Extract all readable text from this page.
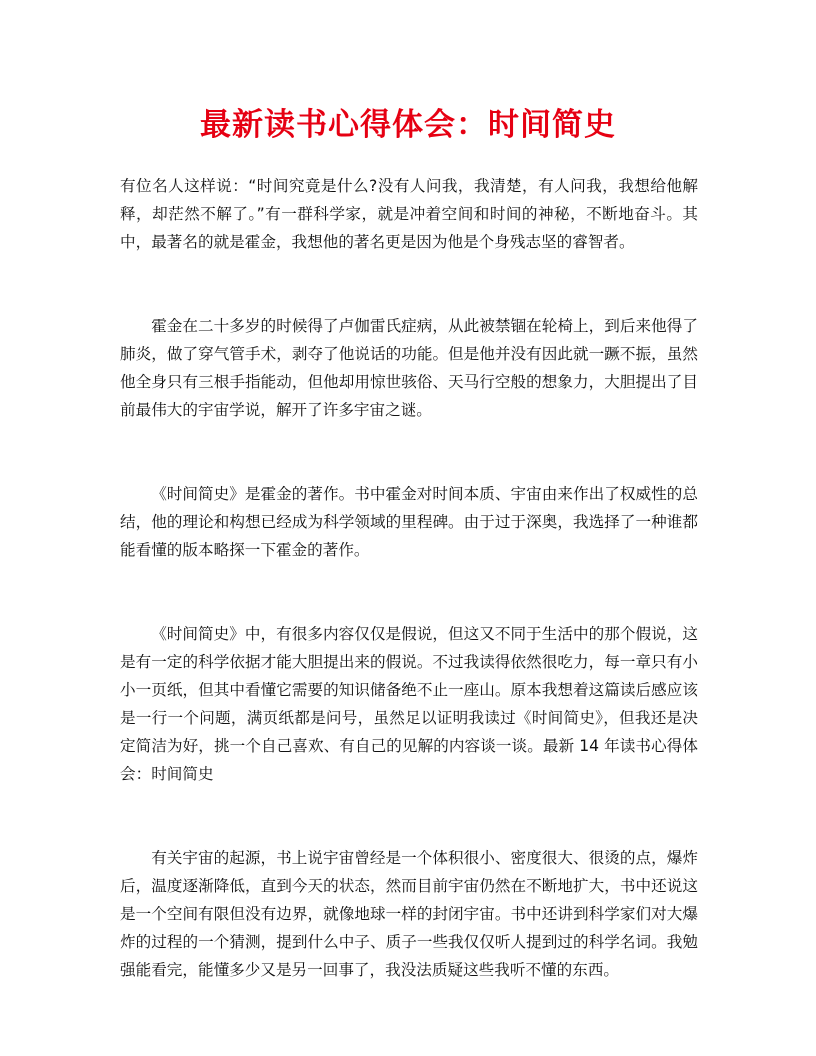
最新读书心得体会：时间简史

有位名人这样说：“时间究竟是什么?没有人问我，我清楚，有人问我，我想给他解释，却茫然不解了。”有一群科学家，就是冲着空间和时间的神秘，不断地奋斗。其中，最著名的就是霍金，我想他的著名更是因为他是个身残志坚的睿智者。

霍金在二十多岁的时候得了卢伽雷氏症病，从此被禁锢在轮椅上，到后来他得了肺炎，做了穿气管手术，剥夺了他说话的功能。但是他并没有因此就一蹶不振，虽然他全身只有三根手指能动，但他却用惊世骇俗、天马行空般的想象力，大胆提出了目前最伟大的宇宙学说，解开了许多宇宙之谜。

《时间简史》是霍金的著作。书中霍金对时间本质、宇宙由来作出了权威性的总结，他的理论和构想已经成为科学领域的里程碑。由于过于深奥，我选择了一种谁都能看懂的版本略探一下霍金的著作。

《时间简史》中，有很多内容仅仅是假说，但这又不同于生活中的那个假说，这是有一定的科学依据才能大胆提出来的假说。不过我读得依然很吃力，每一章只有小小一页纸，但其中看懂它需要的知识储备绝不止一座山。原本我想着这篇读后感应该是一行一个问题，满页纸都是问号，虽然足以证明我读过《时间简史》，但我还是决定简洁为好，挑一个自己喜欢、有自己的见解的内容谈一谈。最新 14 年读书心得体会：时间简史

有关宇宙的起源，书上说宇宙曾经是一个体积很小、密度很大、很烫的点，爆炸后，温度逐渐降低，直到今天的状态，然而目前宇宙仍然在不断地扩大，书中还说这是一个空间有限但没有边界，就像地球一样的封闭宇宙。书中还讲到科学家们对大爆炸的过程的一个猜测，提到什么中子、质子一些我仅仅听人提到过的科学名词。我勉强能看完，能懂多少又是另一回事了，我没法质疑这些我听不懂的东西。
